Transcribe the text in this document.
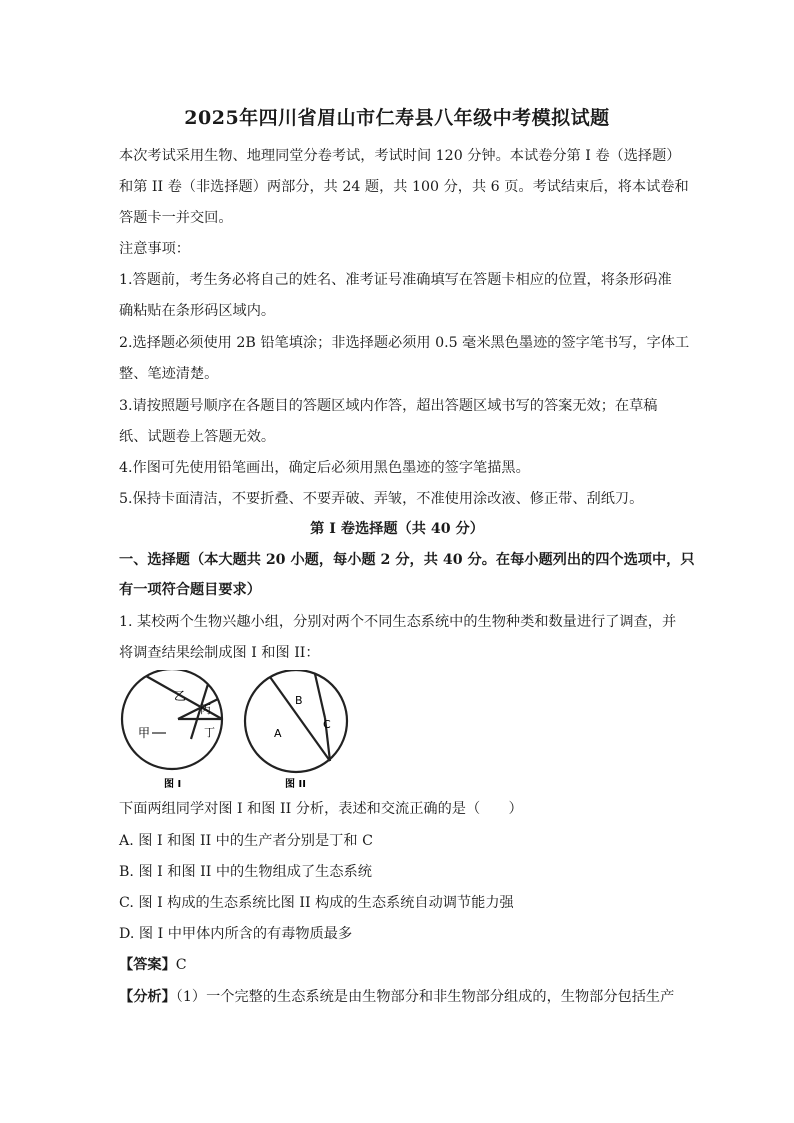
2025年四川省眉山市仁寿县八年级中考模拟试题
本次考试采用生物、地理同堂分卷考试，考试时间 120 分钟。本试卷分第 I 卷（选择题）
和第 II 卷（非选择题）两部分，共 24 题，共 100 分，共 6 页。考试结束后，将本试卷和
答题卡一并交回。
注意事项：
1.答题前，考生务必将自己的姓名、准考证号准确填写在答题卡相应的位置，将条形码准
确粘贴在条形码区域内。
2.选择题必须使用 2B 铅笔填涂；非选择题必须用 0.5 毫米黑色墨迹的签字笔书写，字体工
整、笔迹清楚。
3.请按照题号顺序在各题目的答题区域内作答，超出答题区域书写的答案无效；在草稿
纸、试题卷上答题无效。
4.作图可先使用铅笔画出，确定后必须用黑色墨迹的签字笔描黑。
5.保持卡面清洁，不要折叠、不要弄破、弄皱，不准使用涂改液、修正带、刮纸刀。
第 I 卷选择题（共 40 分）
一、选择题（本大题共 20 小题，每小题 2 分，共 40 分。在每小题列出的四个选项中，只
有一项符合题目要求）
1. 某校两个生物兴趣小组，分别对两个不同生态系统中的生物种类和数量进行了调查，并
将调查结果绘制成图 I 和图 II：
甲
乙
丙
丁
图 I
A
B
C
图 II
下面两组同学对图 I 和图 II 分析，表述和交流正确的是（　　）
A. 图 I 和图 II 中的生产者分别是丁和 C
B. 图 I 和图 II 中的生物组成了生态系统
C. 图 I 构成的生态系统比图 II 构成的生态系统自动调节能力强
D. 图 I 中甲体内所含的有毒物质最多
【答案】C
【分析】（1）一个完整的生态系统是由生物部分和非生物部分组成的，生物部分包括生产
